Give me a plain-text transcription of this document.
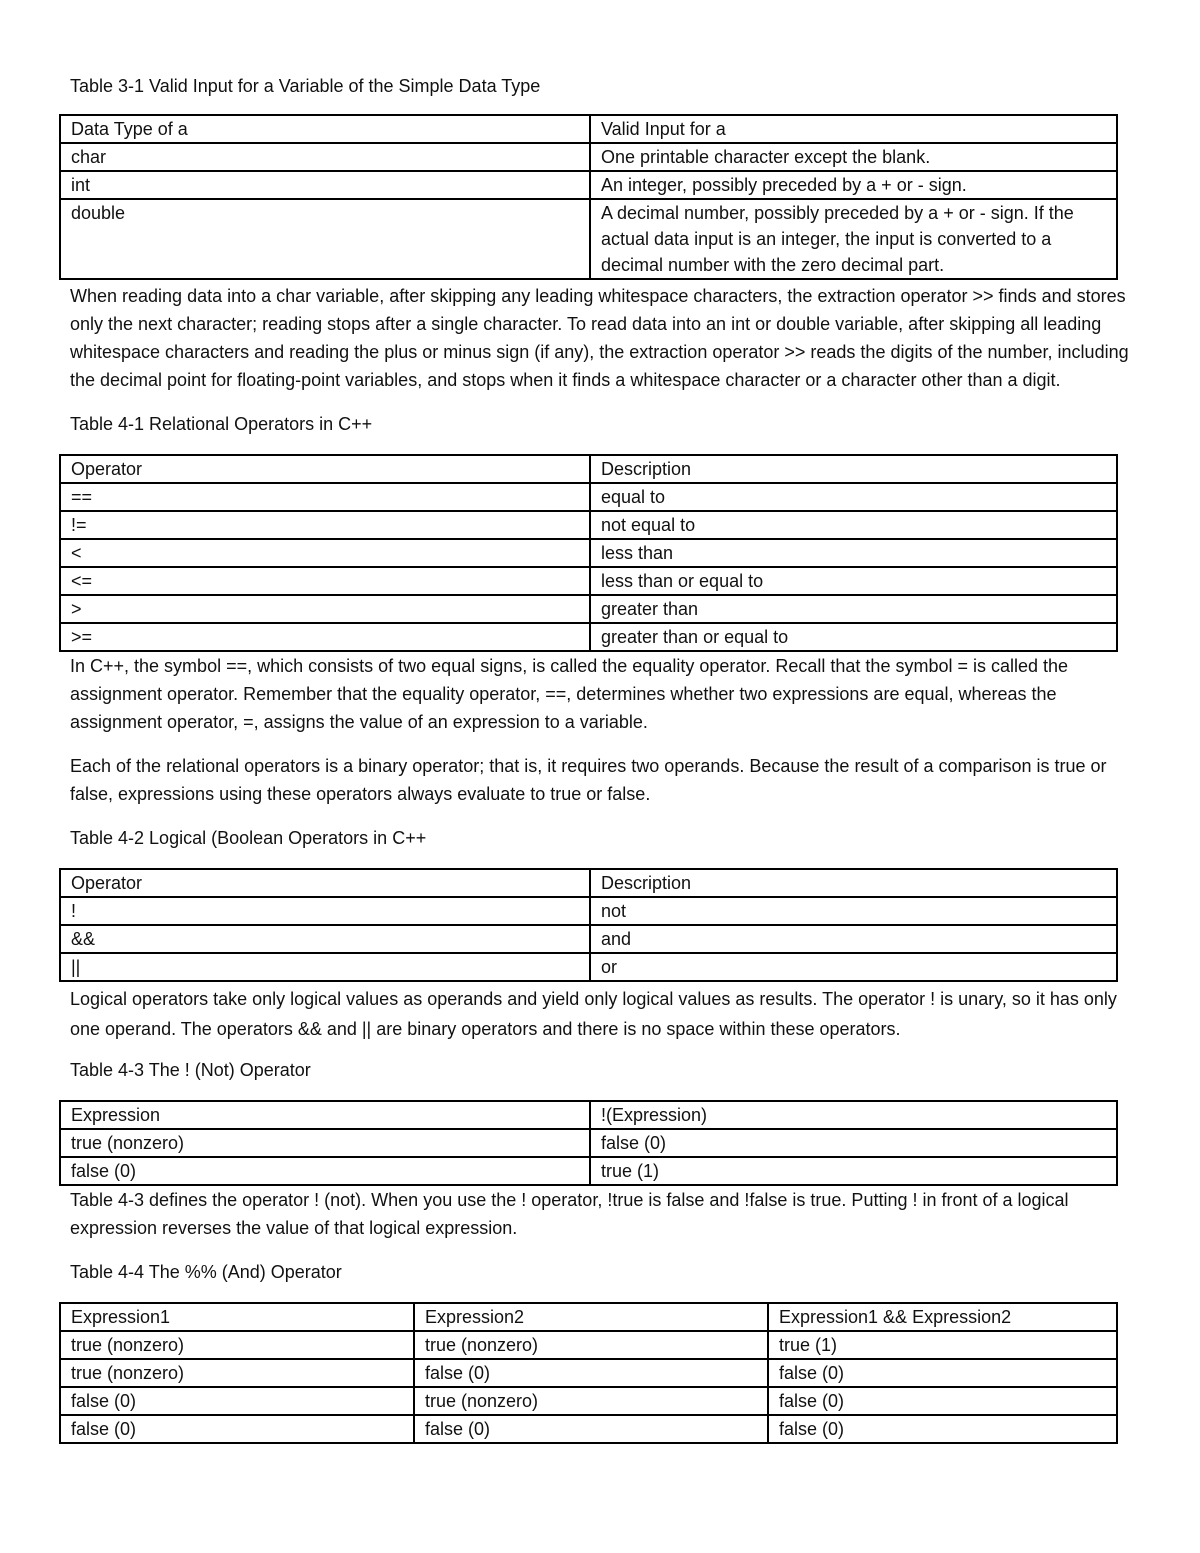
Table 3-1 Valid Input for a Variable of the Simple Data Type

Data Type of a	Valid Input for a
char	One printable character except the blank.
int	An integer, possibly preceded by a + or - sign.
double	A decimal number, possibly preceded by a + or - sign. If the actual data input is an integer, the input is converted to a decimal number with the zero decimal part.

When reading data into a char variable, after skipping any leading whitespace characters, the extraction operator >> finds and stores only the next character; reading stops after a single character. To read data into an int or double variable, after skipping all leading whitespace characters and reading the plus or minus sign (if any), the extraction operator >> reads the digits of the number, including the decimal point for floating-point variables, and stops when it finds a whitespace character or a character other than a digit.

Table 4-1 Relational Operators in C++

Operator	Description
==	equal to
!=	not equal to
<	less than
<=	less than or equal to
>	greater than
>=	greater than or equal to

In C++, the symbol ==, which consists of two equal signs, is called the equality operator. Recall that the symbol = is called the assignment operator. Remember that the equality operator, ==, determines whether two expressions are equal, whereas the assignment operator, =, assigns the value of an expression to a variable.

Each of the relational operators is a binary operator; that is, it requires two operands. Because the result of a comparison is true or false, expressions using these operators always evaluate to true or false.

Table 4-2 Logical (Boolean Operators in C++

Operator	Description
!	not
&&	and
||	or

Logical operators take only logical values as operands and yield only logical values as results. The operator ! is unary, so it has only one operand. The operators && and || are binary operators and there is no space within these operators.

Table 4-3 The ! (Not) Operator

Expression	!(Expression)
true (nonzero)	false (0)
false (0)	true (1)

Table 4-3 defines the operator ! (not). When you use the ! operator, !true is false and !false is true. Putting ! in front of a logical expression reverses the value of that logical expression.

Table 4-4 The %% (And) Operator

Expression1	Expression2	Expression1 && Expression2
true (nonzero)	true (nonzero)	true (1)
true (nonzero)	false (0)	false (0)
false (0)	true (nonzero)	false (0)
false (0)	false (0)	false (0)
